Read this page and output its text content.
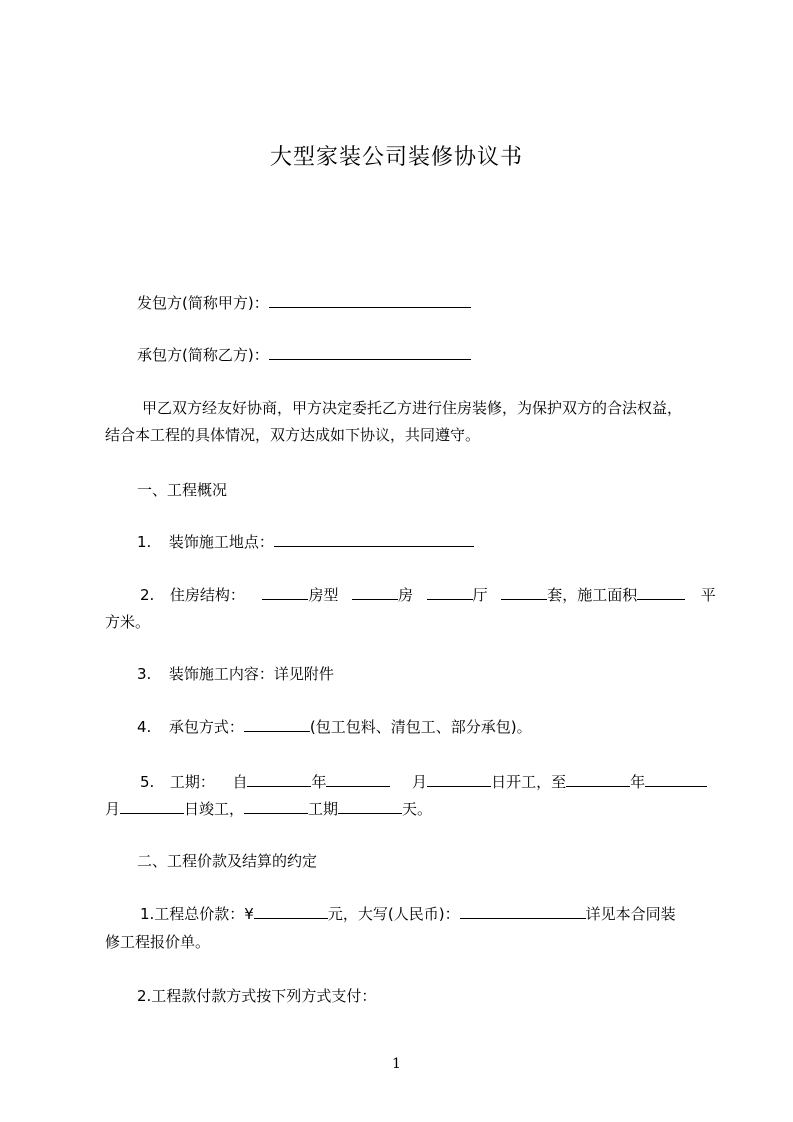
大型家装公司装修协议书
发包方(简称甲方)：
承包方(简称乙方)：
甲乙双方经友好协商，甲方决定委托乙方进行住房装修，为保护双方的合法权益，
结合本工程的具体情况，双方达成如下协议，共同遵守。
一、工程概况
1. 装饰施工地点：
2. 住房结构：	房型	房	厅	套，施工面积	平
方米。
3. 装饰施工内容：详见附件
4. 承包方式：	(包工包料、清包工、部分承包)。
5. 工期： 自	年	月	日开工，至	年
月	日竣工，	工期	天。
二、工程价款及结算的约定
1.工程总价款：¥	元，大写(人民币)：	详见本合同装
修工程报价单。
2.工程款付款方式按下列方式支付：
1
